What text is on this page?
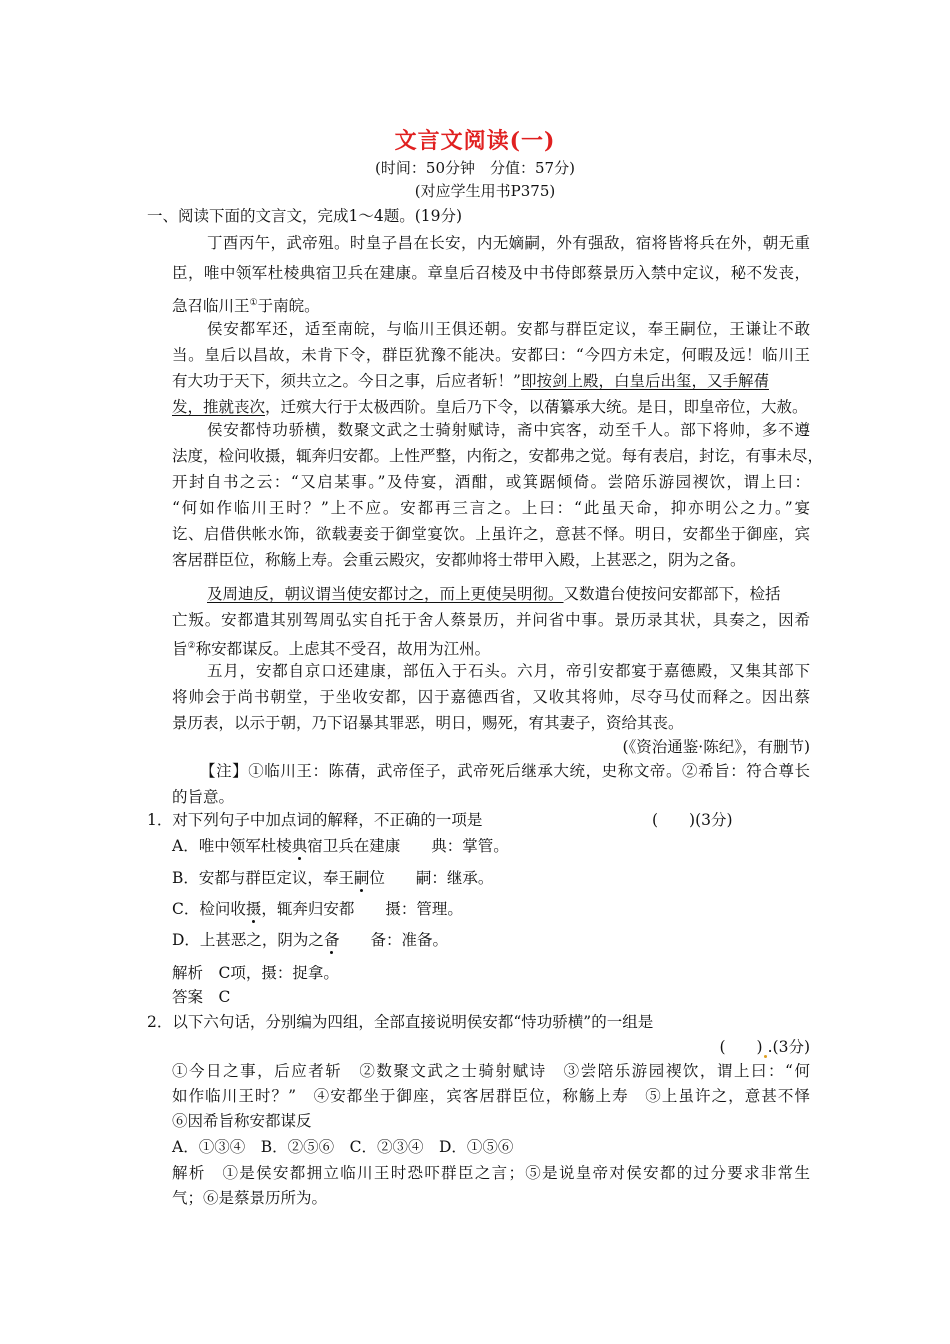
文言文阅读(一)
(时间：50分钟　分值：57分)
(对应学生用书P375)
一、阅读下面的文言文，完成1～4题。(19分)
丁酉丙午，武帝殂。时皇子昌在长安，内无嫡嗣，外有强敌，宿将皆将兵在外，朝无重
臣，唯中领军杜棱典宿卫兵在建康。章皇后召棱及中书侍郎蔡景历入禁中定议，秘不发丧，
急召临川王①于南皖。
侯安都军还，适至南皖，与临川王俱还朝。安都与群臣定议，奉王嗣位，王谦让不敢
当。皇后以昌故，未肯下令，群臣犹豫不能决。安都曰：“今四方未定，何暇及远！临川王
有大功于天下，须共立之。今日之事，后应者斩！”即按剑上殿，白皇后出玺，又手解蒨
发，推就丧次，迁殡大行于太极西阶。皇后乃下令，以蒨纂承大统。是日，即皇帝位，大赦。
侯安都恃功骄横，数聚文武之士骑射赋诗，斋中宾客，动至千人。部下将帅，多不遵
法度，检问收摄，辄奔归安都。上性严整，内衔之，安都弗之觉。每有表启，封讫，有事未尽，
开封自书之云：“又启某事。”及侍宴，酒酣，或箕踞倾倚。尝陪乐游园禊饮，谓上曰：
“何如作临川王时？”上不应。安都再三言之。上曰：“此虽天命，抑亦明公之力。”宴
讫、启借供帐水饰，欲载妻妾于御堂宴饮。上虽许之，意甚不怿。明日，安都坐于御座，宾
客居群臣位，称觞上寿。会重云殿灾，安都帅将士带甲入殿，上甚恶之，阴为之备。
及周迪反，朝议谓当使安都讨之，而上更使吴明彻。又数遣台使按问安都部下，检括
亡叛。安都遣其别驾周弘实自托于舍人蔡景历，并问省中事。景历录其状，具奏之，因希
旨②称安都谋反。上虑其不受召，故用为江州。
五月，安都自京口还建康，部伍入于石头。六月，帝引安都宴于嘉德殿，又集其部下
将帅会于尚书朝堂，于坐收安都，囚于嘉德西省，又收其将帅，尽夺马仗而释之。因出蔡
景历表，以示于朝，乃下诏暴其罪恶，明日，赐死，宥其妻子，资给其丧。
(《资治通鉴·陈纪》，有删节)
【注】①临川王：陈蒨，武帝侄子，武帝死后继承大统，史称文帝。②希旨：符合尊长
的旨意。
1．对下列句子中加点词的解释，不正确的一项是	(　　)(3分)
A．唯中领军杜棱典宿卫兵在建康　　典：掌管。
B．安都与群臣定议，奉王嗣位　　嗣：继承。
C．检问收摄，辄奔归安都　　摄：管理。
D．上甚恶之，阴为之备　　备：准备。
解析　C项，摄：捉拿。
答案　C
2．以下六句话，分别编为四组，全部直接说明侯安都“恃功骄横”的一组是
(　　) .(3分)
①今日之事，后应者斩　②数聚文武之士骑射赋诗　③尝陪乐游园禊饮，谓上曰：“何
如作临川王时？”　④安都坐于御座，宾客居群臣位，称觞上寿　⑤上虽许之，意甚不怿
⑥因希旨称安都谋反
A．①③④　B．②⑤⑥　C．②③④　D．①⑤⑥
解析　①是侯安都拥立临川王时恐吓群臣之言；⑤是说皇帝对侯安都的过分要求非常生
气；⑥是蔡景历所为。
